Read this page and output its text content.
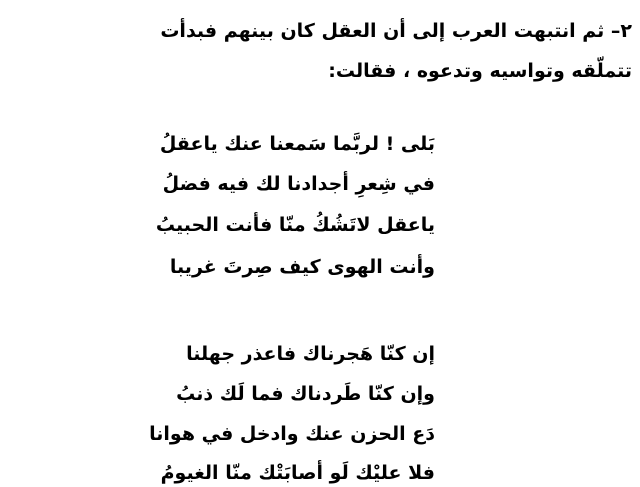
٢– ثم انتبهت العرب إلى أن العقل كان بينهم فبدأت

تتملّقه وتواسيه وتدعوه ، فقالت:

بَلى ! لربَّما سَمعنا عنك ياعقلُ

في شِعرِ أجدادنا لك فيه فضلُ

ياعقل لاتَشُكُ منّا فأنت الحبيبُ

وأنت الهوى كيف صِرتَ غريبا

إن كنّا هَجرناك فاعذر جهلنا

وإن كنّا طَردناك فما لَك ذنبُ

دَع الحزن عنك وادخل في هوانا

فلا عليْك لَو أصابَتْك منّا الغيومُ
